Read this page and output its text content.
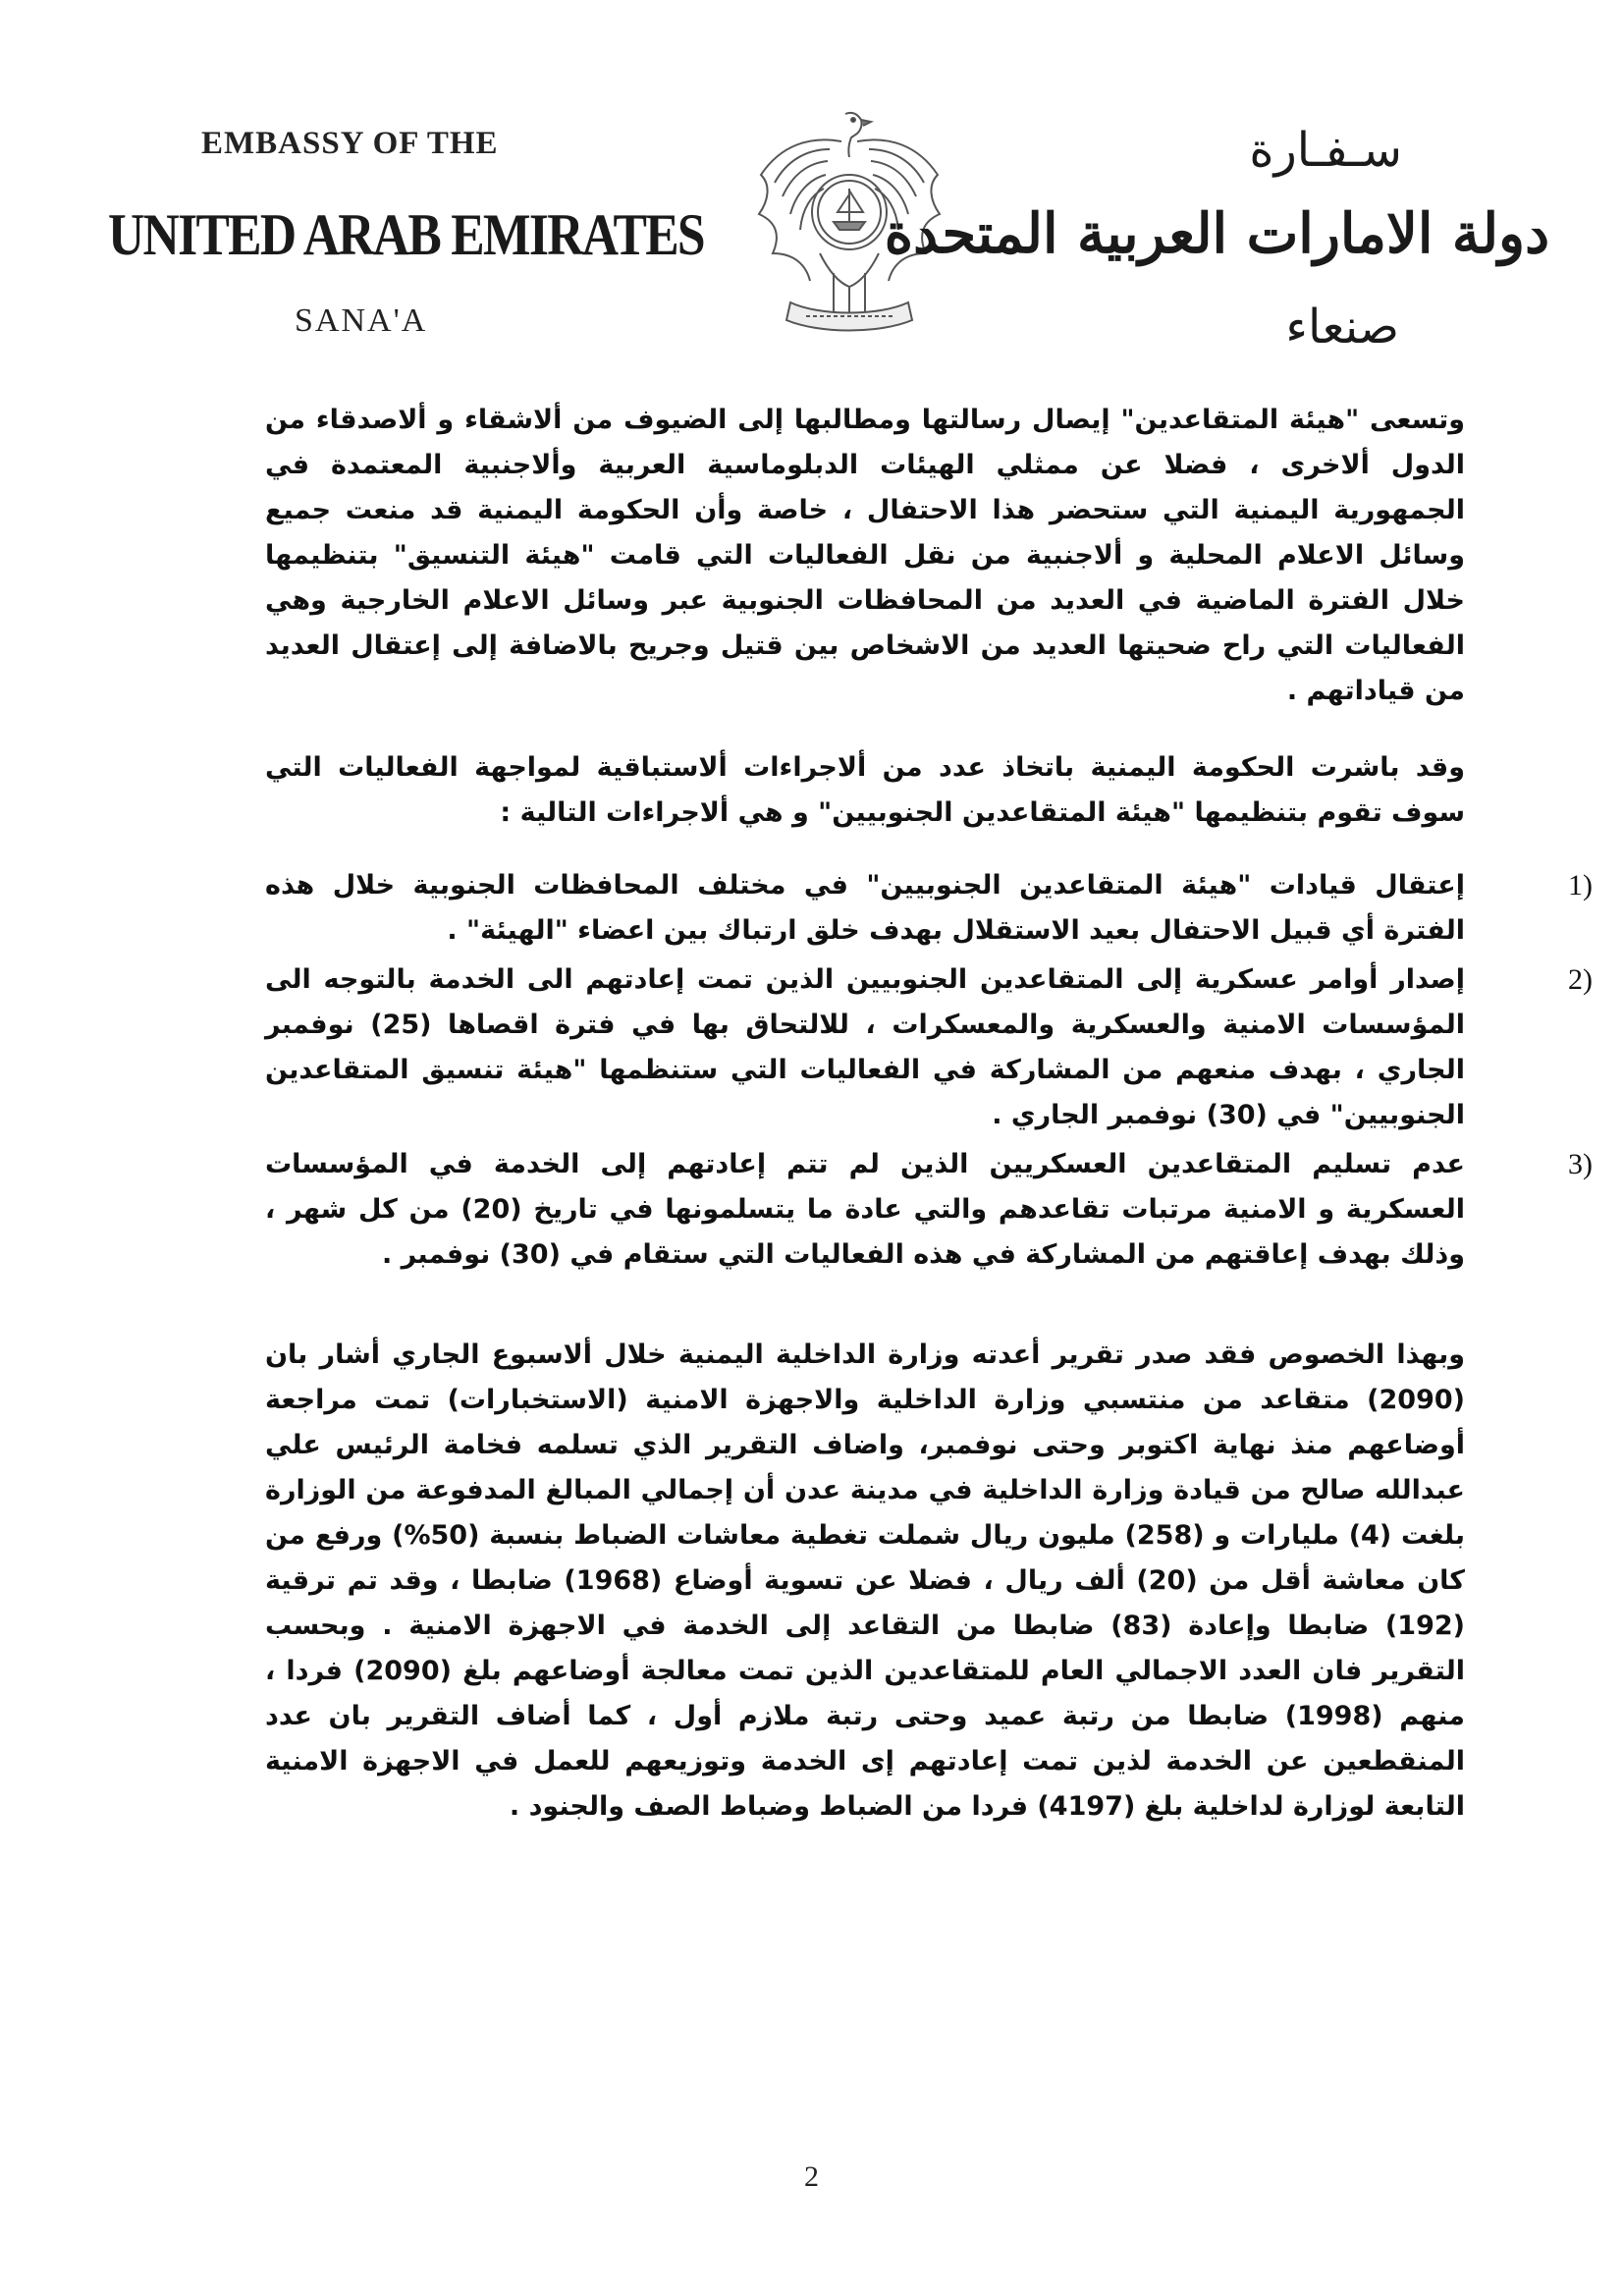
EMBASSY OF THE
UNITED ARAB EMIRATES
SANA'A
سـفـارة
دولة الامارات العربية المتحدة
صنعاء

وتسعى "هيئة المتقاعدين" إيصال رسالتها ومطالبها إلى الضيوف من ألاشقاء و ألاصدقاء من الدول ألاخرى ، فضلا عن ممثلي الهيئات الدبلوماسية العربية وألاجنبية المعتمدة في الجمهورية اليمنية التي ستحضر هذا الاحتفال ، خاصة وأن الحكومة اليمنية قد منعت جميع وسائل الاعلام المحلية و ألاجنبية من نقل الفعاليات التي قامت "هيئة التنسيق" بتنظيمها خلال الفترة الماضية في العديد من المحافظات الجنوبية عبر وسائل الاعلام الخارجية وهي الفعاليات التي راح ضحيتها العديد من الاشخاص بين قتيل وجريح بالاضافة إلى إعتقال العديد من قياداتهم .

وقد باشرت الحكومة اليمنية باتخاذ عدد من ألاجراءات ألاستباقية لمواجهة الفعاليات التي سوف تقوم بتنظيمها "هيئة المتقاعدين الجنوبيين" و هي ألاجراءات التالية :

1)
إعتقال قيادات "هيئة المتقاعدين الجنوبيين" في مختلف المحافظات الجنوبية خلال هذه الفترة أي قبيل الاحتفال بعيد الاستقلال بهدف خلق ارتباك بين اعضاء "الهيئة" .
2)
إصدار أوامر عسكرية إلى المتقاعدين الجنوبيين الذين تمت إعادتهم الى الخدمة بالتوجه الى المؤسسات الامنية والعسكرية والمعسكرات ، للالتحاق بها في فترة اقصاها (25) نوفمبر الجاري ، بهدف منعهم من المشاركة في الفعاليات التي ستنظمها "هيئة تنسيق المتقاعدين الجنوبيين" في (30) نوفمبر الجاري .
3)
عدم تسليم المتقاعدين العسكريين الذين لم تتم إعادتهم إلى الخدمة في المؤسسات العسكرية و الامنية مرتبات تقاعدهم والتي عادة ما يتسلمونها في تاريخ (20) من كل شهر ، وذلك بهدف إعاقتهم من المشاركة في هذه الفعاليات التي ستقام في (30) نوفمبر .

وبهذا الخصوص فقد صدر تقرير أعدته وزارة الداخلية اليمنية خلال ألاسبوع الجاري أشار بان (2090) متقاعد من منتسبي وزارة الداخلية والاجهزة الامنية (الاستخبارات) تمت مراجعة أوضاعهم منذ نهاية اكتوبر وحتى نوفمبر، واضاف التقرير الذي تسلمه فخامة الرئيس علي عبدالله صالح من قيادة وزارة الداخلية في مدينة عدن أن إجمالي المبالغ المدفوعة من الوزارة بلغت (4) مليارات و (258) مليون ريال شملت تغطية معاشات الضباط بنسبة (50%) ورفع من كان معاشة أقل من (20) ألف ريال ، فضلا عن تسوية أوضاع (1968) ضابطا ، وقد تم ترقية (192) ضابطا وإعادة (83) ضابطا من التقاعد إلى الخدمة في الاجهزة الامنية . وبحسب التقرير فان العدد الاجمالي العام للمتقاعدين الذين تمت معالجة أوضاعهم بلغ (2090) فردا ، منهم (1998) ضابطا من رتبة عميد وحتى رتبة ملازم أول ، كما أضاف التقرير بان عدد المنقطعين عن الخدمة لذين تمت إعادتهم إى الخدمة وتوزيعهم للعمل في الاجهزة الامنية التابعة لوزارة لداخلية بلغ (4197) فردا من الضباط وضباط الصف والجنود .

2
